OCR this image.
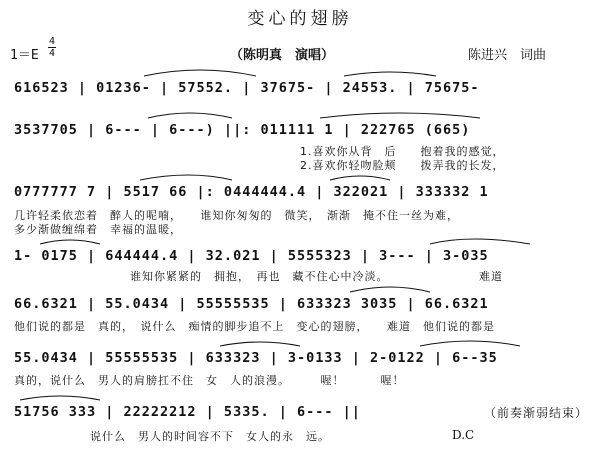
变心的翅膀
1＝E
4
4	（陈明真　演唱）	陈进兴　词曲
616523 | 01236- | 57552. | 37675- | 24553. | 75675-
3537705 | 6--- | 6---) ||: 011111 1 | 222765 (665)
1.喜欢你从背　后　　抱着我的感觉，
2.喜欢你轻吻脸颊　　拨弄我的长发，
0777777 7 | 5517 66 |: 0444444.4 | 322021 | 333332 1
几许轻柔依恋着　醉人的呢喃，　　谁知你匆匆的　微笑，　渐渐　掩不住一丝为难，
多少渐做缠绵着　幸福的温暖，
1- 0175 | 644444.4 | 32.021 | 5555323 | 3--- | 3-035
谁知你紧紧的　拥抱，　再也　藏不住心中冷淡。　　　　　　　　难道
66.6321 | 55.0434 | 55555535 | 633323 3035 | 66.6321
他们说的都是　真的，　说什么　痴情的脚步追不上　变心的翅膀，　　难道　他们说的都是
55.0434 | 55555535 | 633323 | 3-0133 | 2-0122 | 6--35
真的，说什么　男人的肩膀扛不住　女　人的浪漫。　　　喔！　　　喔！
51756 333 | 22222212 | 5335. | 6--- ||	（前奏渐弱结束）
说什么　男人的时间容不下　女人的永　远。	D.C
